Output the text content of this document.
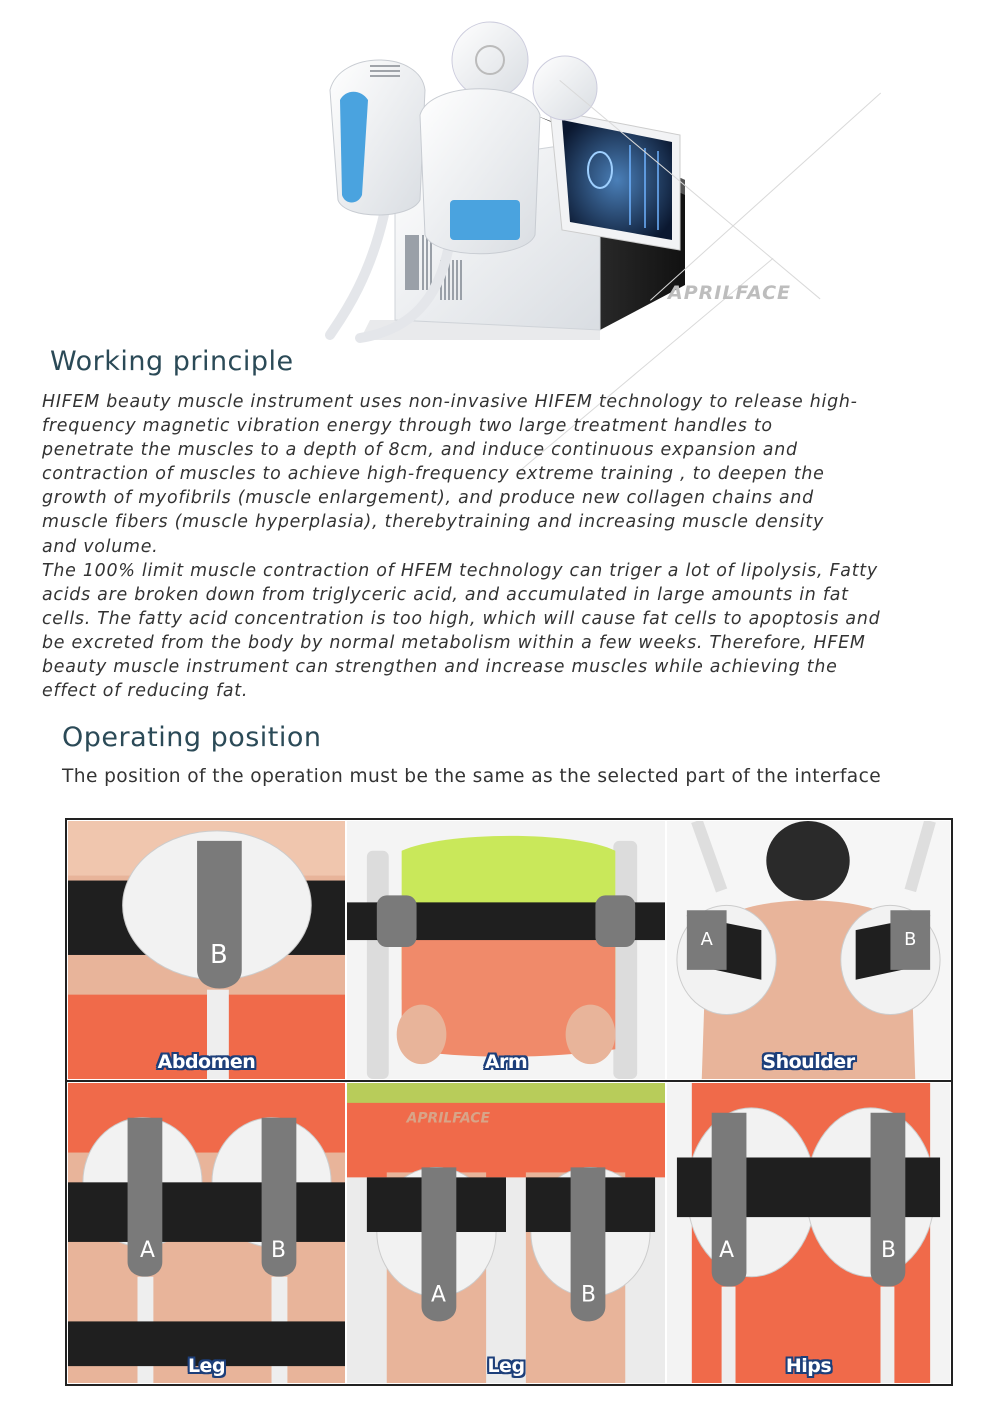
APRILFACE
Working principle

HIFEM beauty muscle instrument uses non-invasive HIFEM technology to release high-

frequency magnetic vibration energy through two large treatment handles to

penetrate the muscles to a depth of 8cm, and induce continuous expansion and

contraction of muscles to achieve high-frequency extreme training , to deepen the

growth of myofibrils (muscle enlargement), and produce new collagen chains and

muscle fibers (muscle hyperplasia), therebytraining and increasing muscle density

and volume.

The 100% limit muscle contraction of HFEM technology can triger a lot of lipolysis, Fatty

acids are broken down from triglyceric acid, and accumulated in large amounts in fat

cells. The fatty acid concentration is too high, which will cause fat cells to apoptosis and

be excreted from the body by normal metabolism within a few weeks. Therefore, HFEM

beauty muscle instrument can strengthen and increase muscles while achieving the

effect of reducing fat.

Operating position
The position of the operation must be the same as the selected part of the interface
B
Abdomen	Arm
A	B
Shoulder
A	B
Leg
A	B
APRILFACE
Leg
A	B
Hips
